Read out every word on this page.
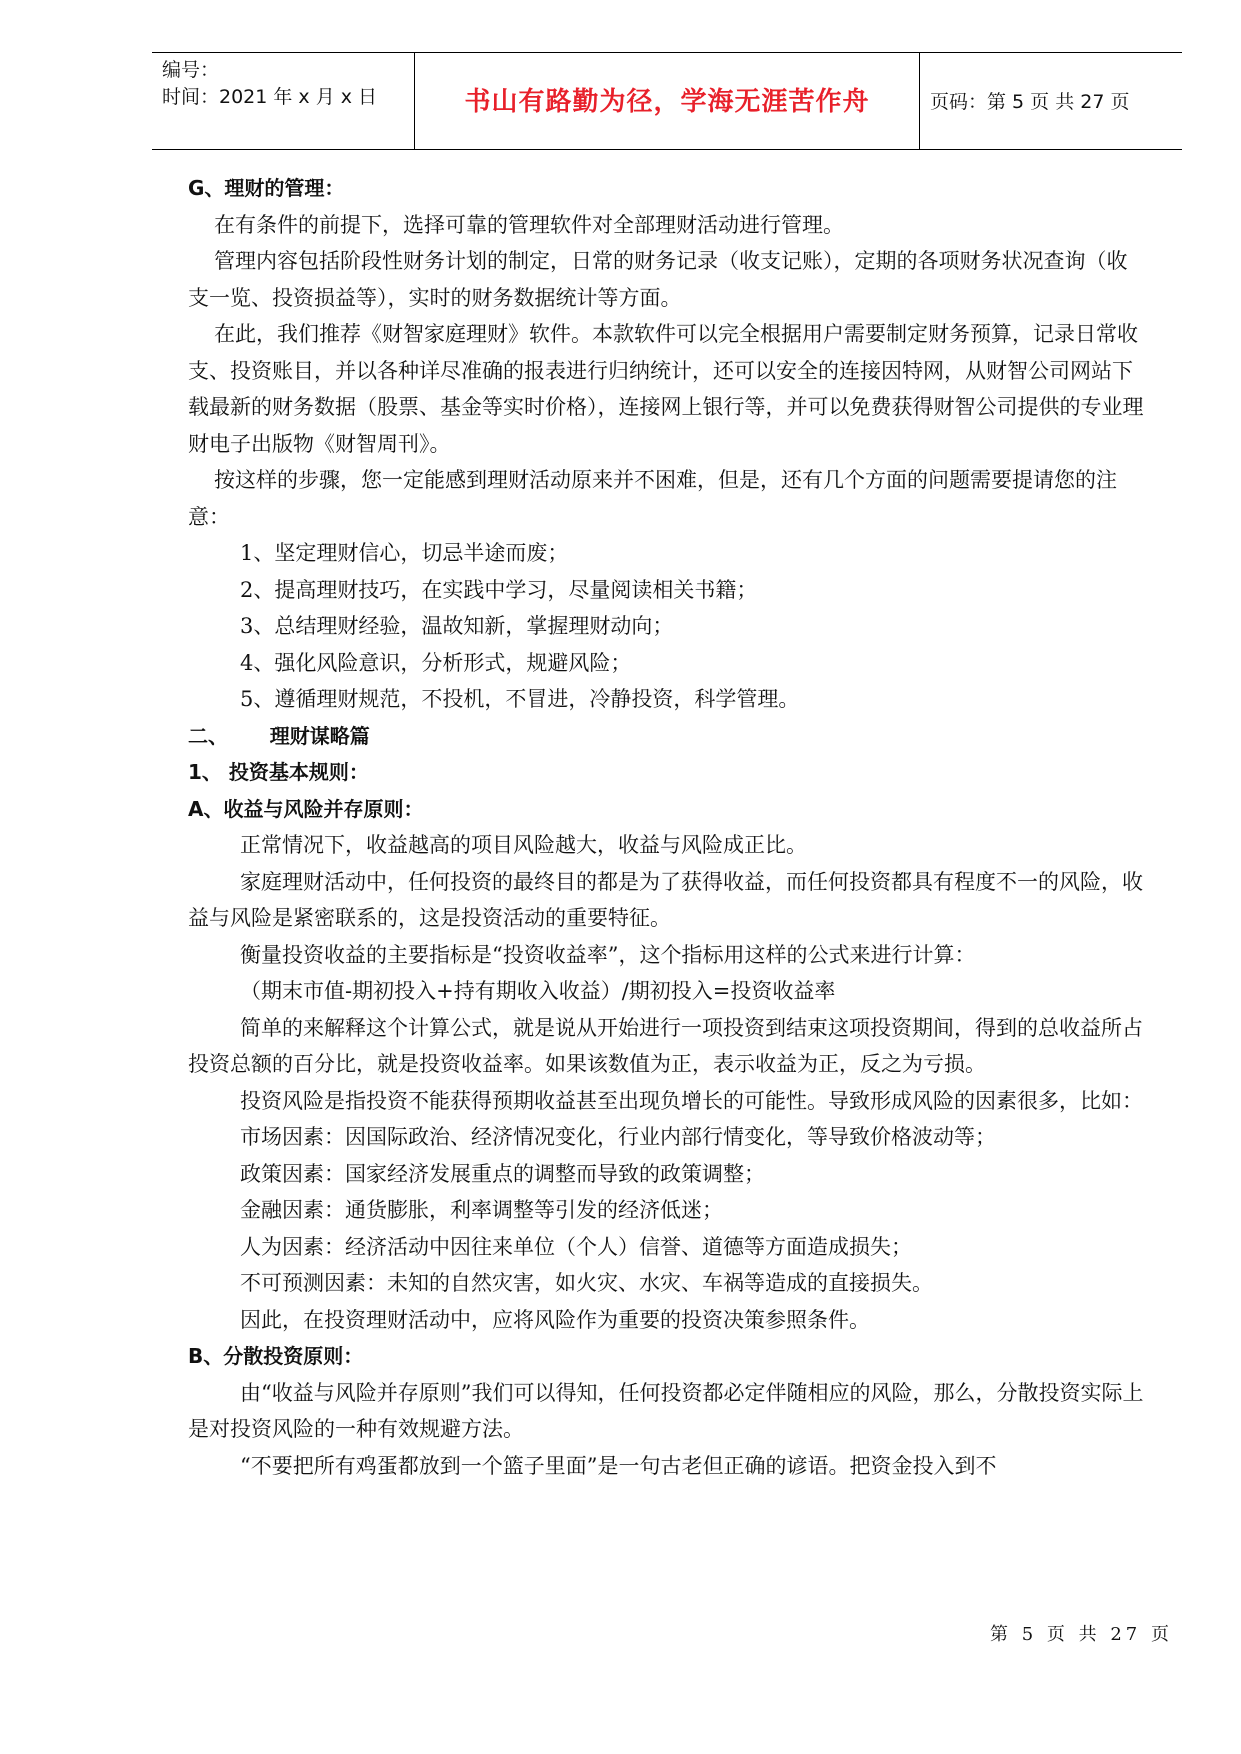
编号：
时间：2021 年 x 月 x 日	书山有路勤为径，学海无涯苦作舟	页码：第 5 页 共 27 页

G、理财的管理：

在有条件的前提下，选择可靠的管理软件对全部理财活动进行管理。

管理内容包括阶段性财务计划的制定，日常的财务记录（收支记账），定期的各项财务状况查询（收支一览、投资损益等），实时的财务数据统计等方面。

在此，我们推荐《财智家庭理财》软件。本款软件可以完全根据用户需要制定财务预算，记录日常收支、投资账目，并以各种详尽准确的报表进行归纳统计，还可以安全的连接因特网，从财智公司网站下载最新的财务数据（股票、基金等实时价格），连接网上银行等，并可以免费获得财智公司提供的专业理财电子出版物《财智周刊》。

按这样的步骤，您一定能感到理财活动原来并不困难，但是，还有几个方面的问题需要提请您的注意：

1、坚定理财信心，切忌半途而废；

2、提高理财技巧，在实践中学习，尽量阅读相关书籍；

3、总结理财经验，温故知新，掌握理财动向；

4、强化风险意识，分析形式，规避风险；

5、遵循理财规范，不投机，不冒进，冷静投资，科学管理。

二、      理财谋略篇

1、 投资基本规则：

A、收益与风险并存原则：

正常情况下，收益越高的项目风险越大，收益与风险成正比。

家庭理财活动中，任何投资的最终目的都是为了获得收益，而任何投资都具有程度不一的风险，收益与风险是紧密联系的，这是投资活动的重要特征。

衡量投资收益的主要指标是“投资收益率”，这个指标用这样的公式来进行计算：

（期末市值-期初投入+持有期收入收益）/期初投入=投资收益率

简单的来解释这个计算公式，就是说从开始进行一项投资到结束这项投资期间，得到的总收益所占投资总额的百分比，就是投资收益率。如果该数值为正，表示收益为正，反之为亏损。

投资风险是指投资不能获得预期收益甚至出现负增长的可能性。导致形成风险的因素很多，比如：

市场因素：因国际政治、经济情况变化，行业内部行情变化，等导致价格波动等；

政策因素：国家经济发展重点的调整而导致的政策调整；

金融因素：通货膨胀，利率调整等引发的经济低迷；

人为因素：经济活动中因往来单位（个人）信誉、道德等方面造成损失；

不可预测因素：未知的自然灾害，如火灾、水灾、车祸等造成的直接损失。

因此，在投资理财活动中，应将风险作为重要的投资决策参照条件。

B、分散投资原则：

由“收益与风险并存原则”我们可以得知，任何投资都必定伴随相应的风险，那么，分散投资实际上是对投资风险的一种有效规避方法。

“不要把所有鸡蛋都放到一个篮子里面”是一句古老但正确的谚语。把资金投入到不

第 5 页 共 27 页
